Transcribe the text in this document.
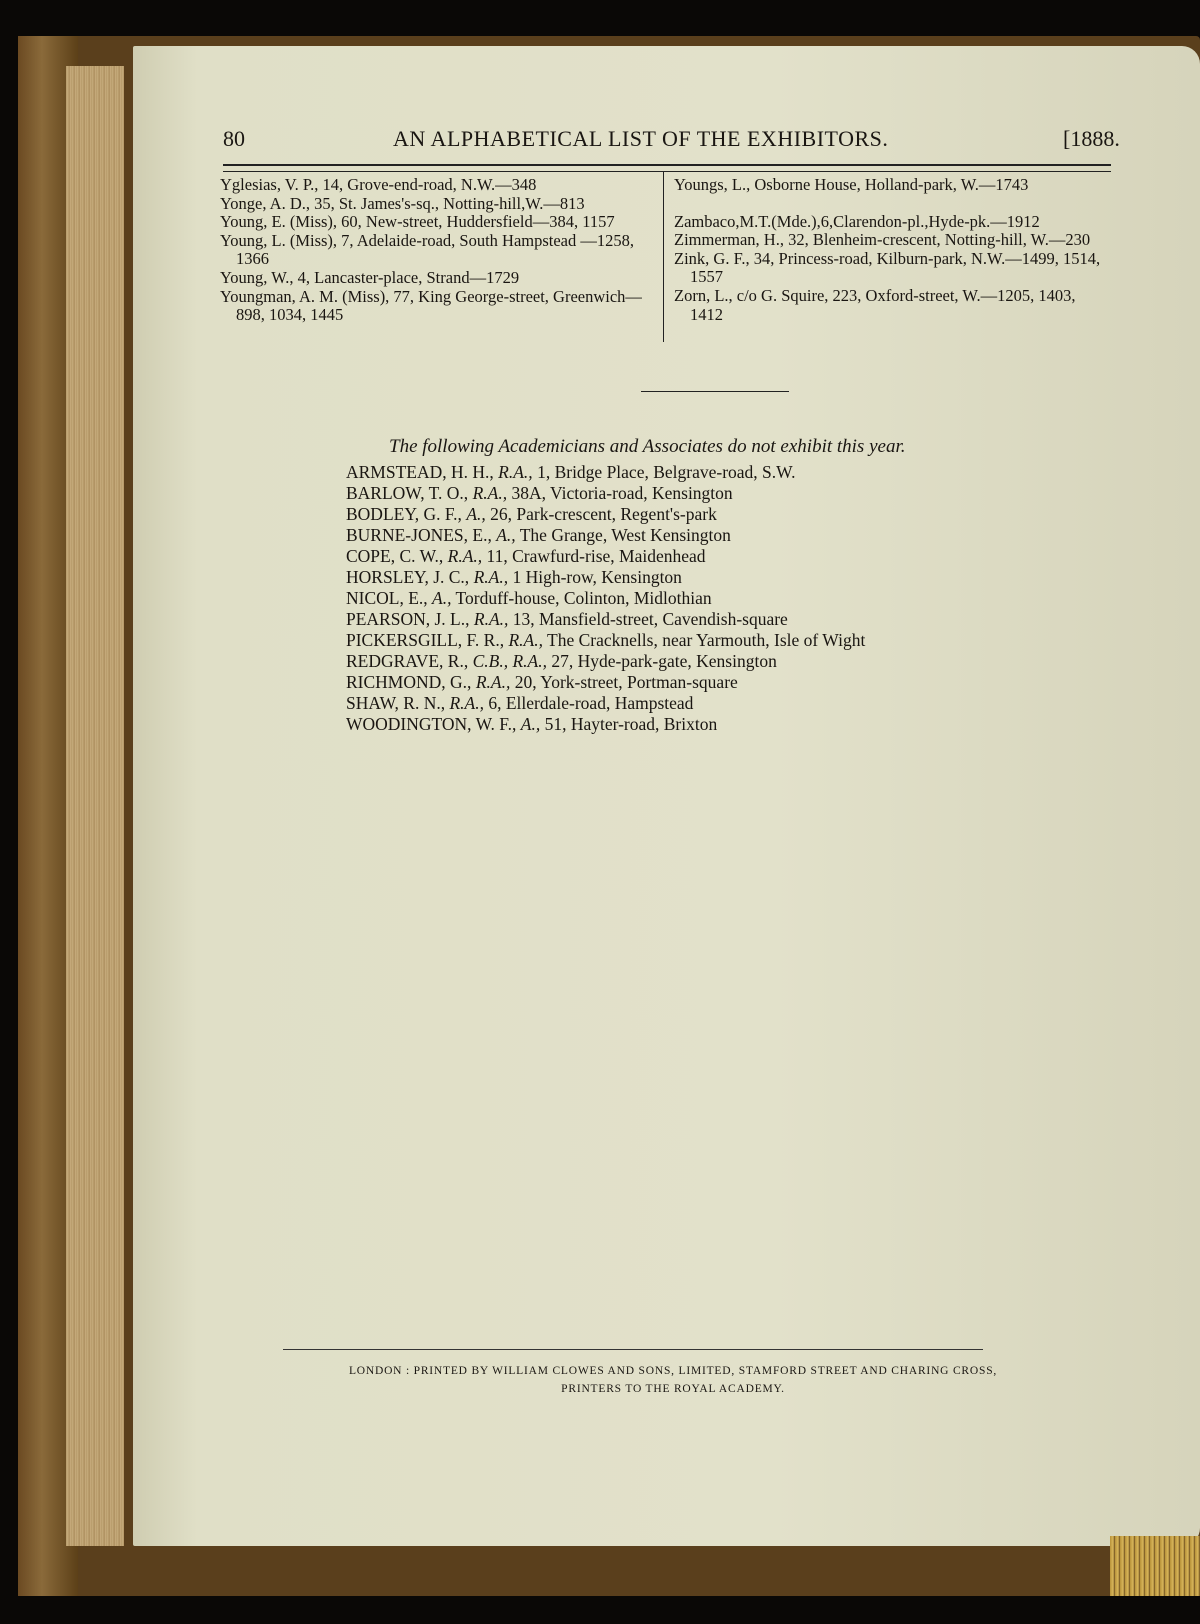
80	AN ALPHABETICAL LIST OF THE EXHIBITORS.	[1888.
Yglesias, V. P., 14, Grove-end-road, N.W.—348
Yonge, A. D., 35, St. James's-sq., Notting-hill,W.—813
Young, E. (Miss), 60, New-street, Huddersfield—384, 1157
Young, L. (Miss), 7, Adelaide-road, South Hampstead —1258, 1366
Young, W., 4, Lancaster-place, Strand—1729
Youngman, A. M. (Miss), 77, King George-street, Greenwich—898, 1034, 1445
Youngs, L., Osborne House, Holland-park, W.—1743
Zambaco,M.T.(Mde.),6,Clarendon-pl.,Hyde-pk.—1912
Zimmerman, H., 32, Blenheim-crescent, Notting-hill, W.—230
Zink, G. F., 34, Princess-road, Kilburn-park, N.W.—1499, 1514, 1557
Zorn, L., c/o G. Squire, 223, Oxford-street, W.—1205, 1403, 1412
The following Academicians and Associates do not exhibit this year.
ARMSTEAD, H. H., R.A., 1, Bridge Place, Belgrave-road, S.W.
BARLOW, T. O., R.A., 38A, Victoria-road, Kensington
BODLEY, G. F., A., 26, Park-crescent, Regent's-park
BURNE-JONES, E., A., The Grange, West Kensington
COPE, C. W., R.A., 11, Crawfurd-rise, Maidenhead
HORSLEY, J. C., R.A., 1 High-row, Kensington
NICOL, E., A., Torduff-house, Colinton, Midlothian
PEARSON, J. L., R.A., 13, Mansfield-street, Cavendish-square
PICKERSGILL, F. R., R.A., The Cracknells, near Yarmouth, Isle of Wight
REDGRAVE, R., C.B., R.A., 27, Hyde-park-gate, Kensington
RICHMOND, G., R.A., 20, York-street, Portman-square
SHAW, R. N., R.A., 6, Ellerdale-road, Hampstead
WOODINGTON, W. F., A., 51, Hayter-road, Brixton
LONDON : PRINTED BY WILLIAM CLOWES AND SONS, LIMITED, STAMFORD STREET AND CHARING CROSS,
PRINTERS TO THE ROYAL ACADEMY.
